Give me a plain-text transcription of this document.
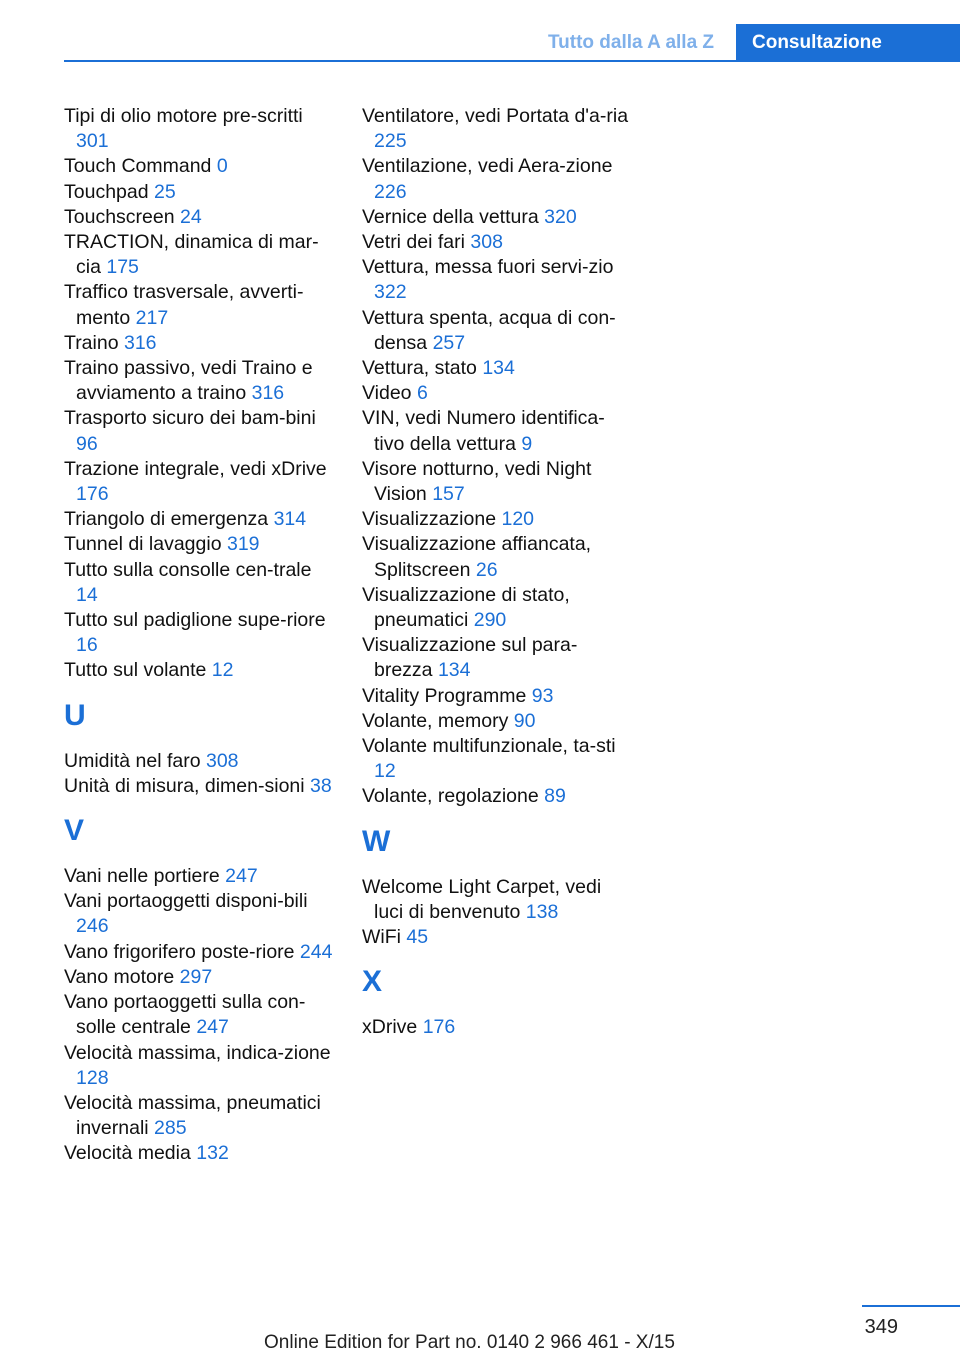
Tutto dalla A alla Z	Consultazione
Tipi di olio motore pre-scritti 301
Touch Command 0
Touchpad 25
Touchscreen 24
TRACTION, dinamica di mar-cia 175
Traffico trasversale, avverti-mento 217
Traino 316
Traino passivo, vedi Traino e avviamento a traino 316
Trasporto sicuro dei bam-bini 96
Trazione integrale, vedi xDrive 176
Triangolo di emergenza 314
Tunnel di lavaggio 319
Tutto sulla consolle cen-trale 14
Tutto sul padiglione supe-riore 16
Tutto sul volante 12
U
Umidità nel faro 308
Unità di misura, dimen-sioni 38
V
Vani nelle portiere 247
Vani portaoggetti disponi-bili 246
Vano frigorifero poste-riore 244
Vano motore 297
Vano portaoggetti sulla con-solle centrale 247
Velocità massima, indica-zione 128
Velocità massima, pneumatici invernali 285
Velocità media 132
Ventilatore, vedi Portata d'a-ria 225
Ventilazione, vedi Aera-zione 226
Vernice della vettura 320
Vetri dei fari 308
Vettura, messa fuori servi-zio 322
Vettura spenta, acqua di con-densa 257
Vettura, stato 134
Video 6
VIN, vedi Numero identifica-tivo della vettura 9
Visore notturno, vedi Night Vision 157
Visualizzazione 120
Visualizzazione affiancata, Splitscreen 26
Visualizzazione di stato, pneumatici 290
Visualizzazione sul para-brezza 134
Vitality Programme 93
Volante, memory 90
Volante multifunzionale, ta-sti 12
Volante, regolazione 89
W
Welcome Light Carpet, vedi luci di benvenuto 138
WiFi 45
X
xDrive 176
349
Online Edition for Part no. 0140 2 966 461 - X/15
